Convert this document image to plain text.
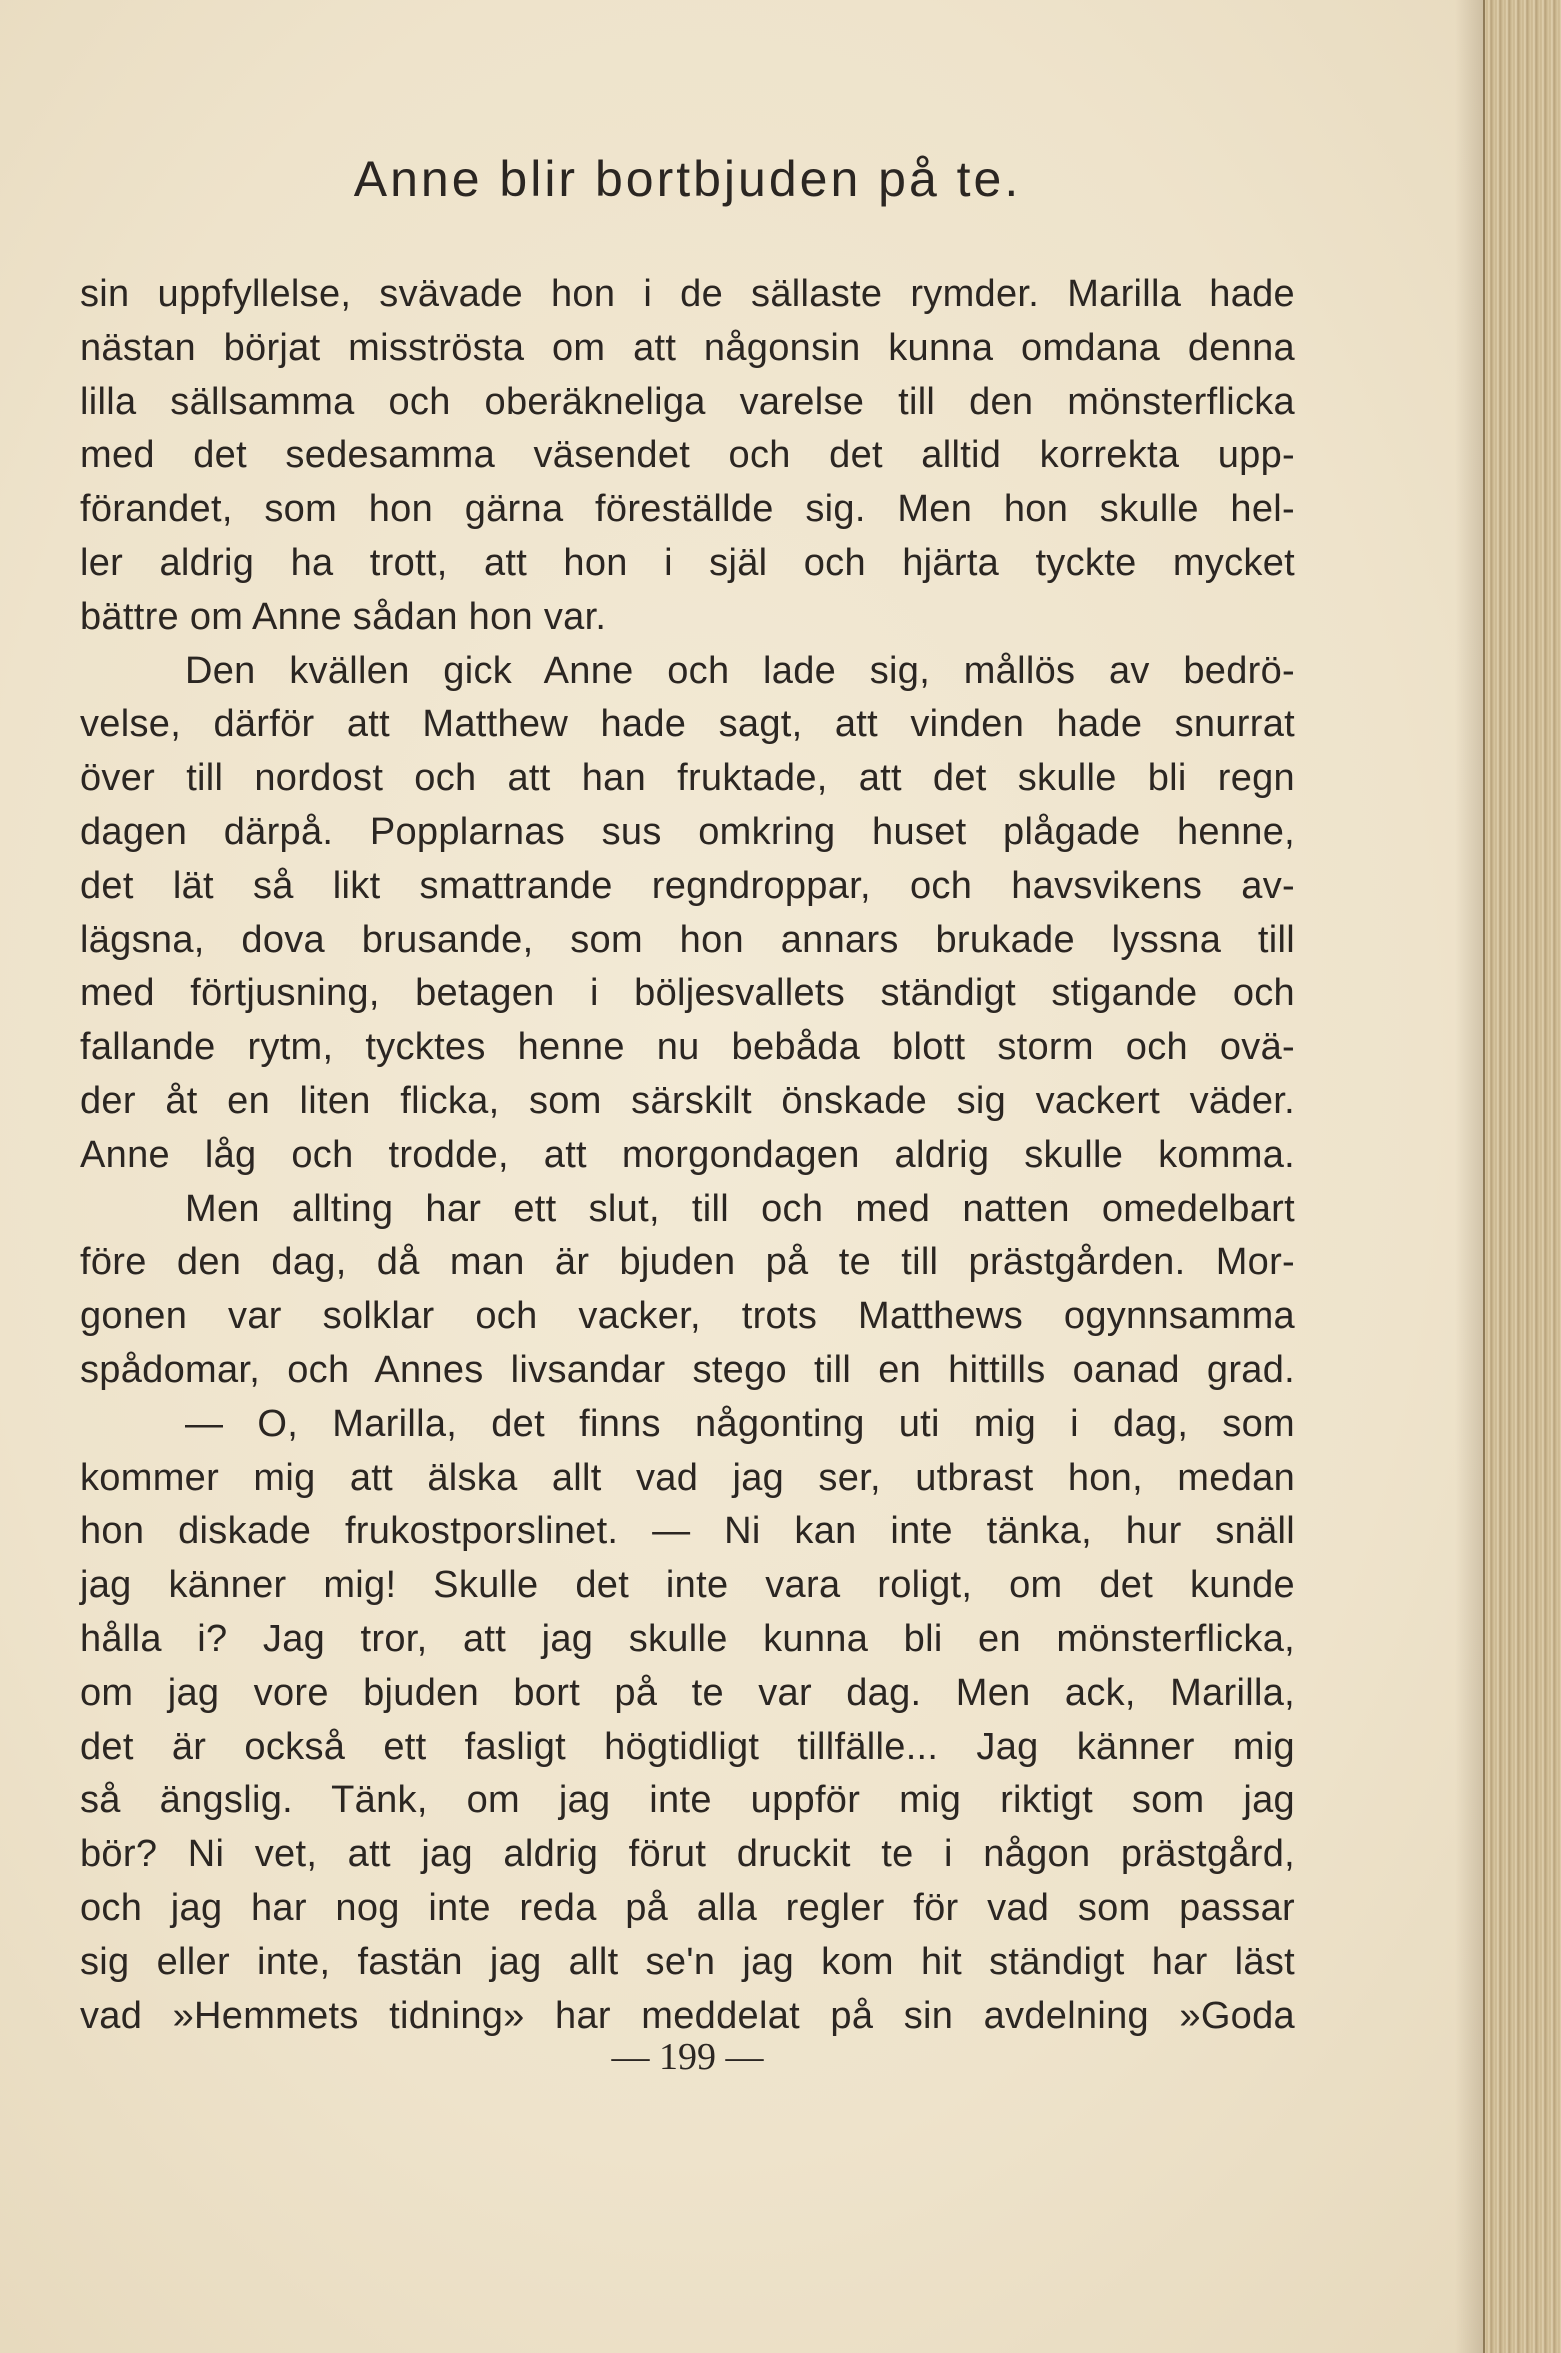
Anne blir bortbjuden på te.
sin uppfyllelse, svävade hon i de sällaste rymder. Marilla hade
nästan börjat misströsta om att någonsin kunna omdana denna
lilla sällsamma och oberäkneliga varelse till den mönsterflicka
med det sedesamma väsendet och det alltid korrekta upp-
förandet, som hon gärna föreställde sig. Men hon skulle hel-
ler aldrig ha trott, att hon i själ och hjärta tyckte mycket
bättre om Anne sådan hon var.
Den kvällen gick Anne och lade sig, mållös av bedrö-
velse, därför att Matthew hade sagt, att vinden hade snurrat
över till nordost och att han fruktade, att det skulle bli regn
dagen därpå. Popplarnas sus omkring huset plågade henne,
det lät så likt smattrande regndroppar, och havsvikens av-
lägsna, dova brusande, som hon annars brukade lyssna till
med förtjusning, betagen i böljesvallets ständigt stigande och
fallande rytm, tycktes henne nu bebåda blott storm och ovä-
der åt en liten flicka, som särskilt önskade sig vackert väder.
Anne låg och trodde, att morgondagen aldrig skulle komma.
Men allting har ett slut, till och med natten omedelbart
före den dag, då man är bjuden på te till prästgården. Mor-
gonen var solklar och vacker, trots Matthews ogynnsamma
spådomar, och Annes livsandar stego till en hittills oanad grad.
— O, Marilla, det finns någonting uti mig i dag, som
kommer mig att älska allt vad jag ser, utbrast hon, medan
hon diskade frukostporslinet. — Ni kan inte tänka, hur snäll
jag känner mig! Skulle det inte vara roligt, om det kunde
hålla i? Jag tror, att jag skulle kunna bli en mönsterflicka,
om jag vore bjuden bort på te var dag. Men ack, Marilla,
det är också ett fasligt högtidligt tillfälle... Jag känner mig
så ängslig. Tänk, om jag inte uppför mig riktigt som jag
bör? Ni vet, att jag aldrig förut druckit te i någon prästgård,
och jag har nog inte reda på alla regler för vad som passar
sig eller inte, fastän jag allt se'n jag kom hit ständigt har läst
vad »Hemmets tidning» har meddelat på sin avdelning »Goda
— 199 —
